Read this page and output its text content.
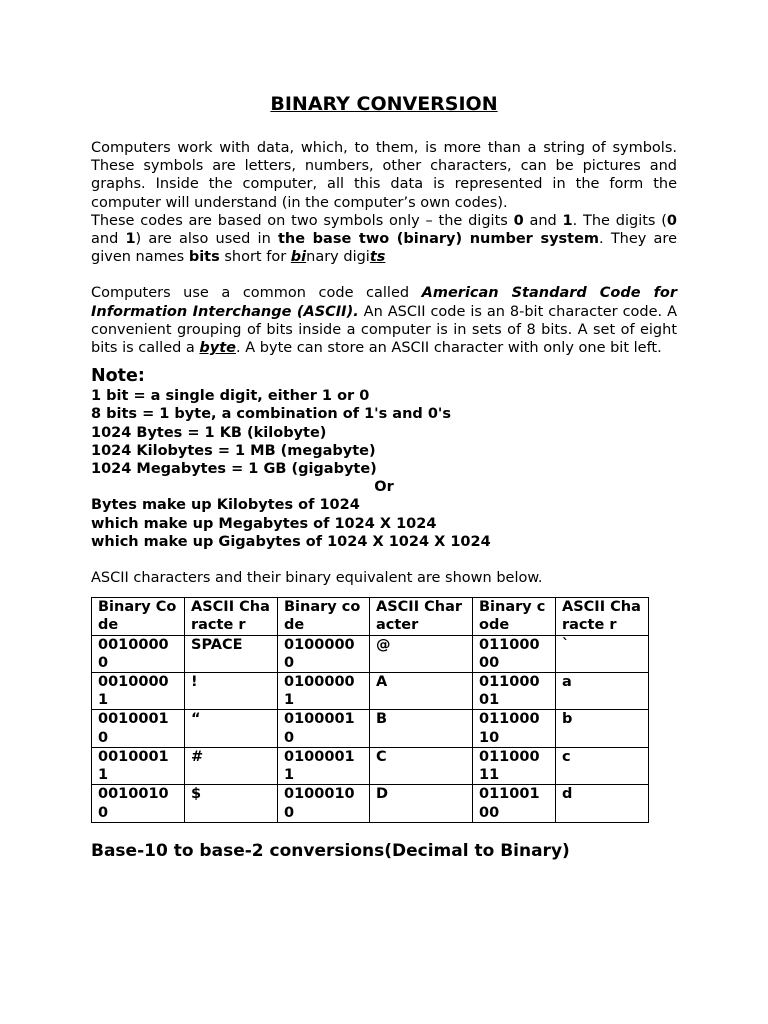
BINARY CONVERSION

Computers work with data, which, to them, is more than a string of symbols. These symbols are letters, numbers, other characters, can be pictures and graphs. Inside the computer, all this data is represented in the form the computer will understand (in the computer’s own codes).

These codes are based on two symbols only – the digits 0 and 1. The digits (0 and 1) are also used in the base two (binary) number system. They are given names bits short for binary digits

Computers use a common code called American Standard Code for Information Interchange (ASCII). An ASCII code is an 8-bit character code. A convenient grouping of bits inside a computer is in sets of 8 bits. A set of eight bits is called a byte. A byte can store an ASCII character with only one bit left.

Note:
1 bit = a single digit, either 1 or 0
8 bits = 1 byte, a combination of 1's and 0's
1024 Bytes = 1 KB (kilobyte)
1024 Kilobytes = 1 MB (megabyte)
1024 Megabytes = 1 GB (gigabyte)
Or
Bytes make up Kilobytes of 1024
which make up Megabytes of 1024 X 1024
which make up Gigabytes of 1024 X 1024 X 1024

ASCII characters and their binary equivalent are shown below.

Binary Code	ASCII Characte r	Binary code	ASCII Character	Binary code	ASCII Characte r
0010000 0	SPACE	0100000 0	@	011000 00	`
0010000 1	!	0100000 1	A	011000 01	a
0010001 0	“	0100001 0	B	011000 10	b
0010001 1	#	0100001 1	C	011000 11	c
0010010 0	$	0100010 0	D	011001 00	d
Base-10 to base-2 conversions(Decimal to Binary)
